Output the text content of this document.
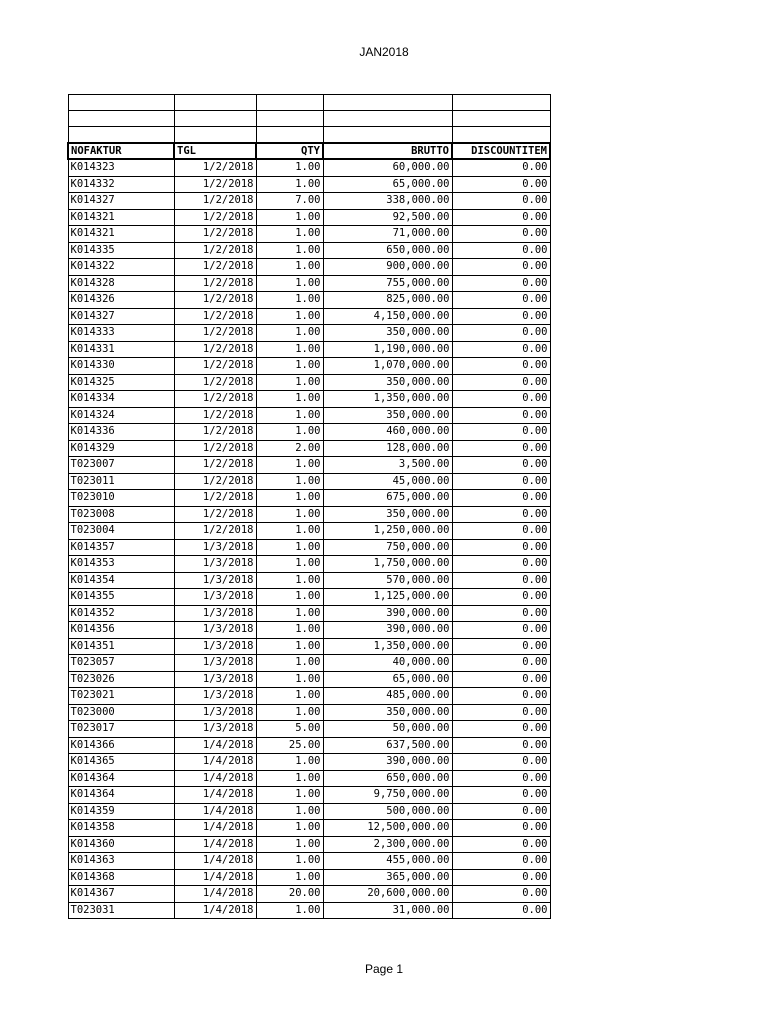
JAN2018

NOFAKTUR	TGL	QTY	BRUTTO	DISCOUNTITEM
K014323	1/2/2018	1.00	60,000.00	0.00
K014332	1/2/2018	1.00	65,000.00	0.00
K014327	1/2/2018	7.00	338,000.00	0.00
K014321	1/2/2018	1.00	92,500.00	0.00
K014321	1/2/2018	1.00	71,000.00	0.00
K014335	1/2/2018	1.00	650,000.00	0.00
K014322	1/2/2018	1.00	900,000.00	0.00
K014328	1/2/2018	1.00	755,000.00	0.00
K014326	1/2/2018	1.00	825,000.00	0.00
K014327	1/2/2018	1.00	4,150,000.00	0.00
K014333	1/2/2018	1.00	350,000.00	0.00
K014331	1/2/2018	1.00	1,190,000.00	0.00
K014330	1/2/2018	1.00	1,070,000.00	0.00
K014325	1/2/2018	1.00	350,000.00	0.00
K014334	1/2/2018	1.00	1,350,000.00	0.00
K014324	1/2/2018	1.00	350,000.00	0.00
K014336	1/2/2018	1.00	460,000.00	0.00
K014329	1/2/2018	2.00	128,000.00	0.00
T023007	1/2/2018	1.00	3,500.00	0.00
T023011	1/2/2018	1.00	45,000.00	0.00
T023010	1/2/2018	1.00	675,000.00	0.00
T023008	1/2/2018	1.00	350,000.00	0.00
T023004	1/2/2018	1.00	1,250,000.00	0.00
K014357	1/3/2018	1.00	750,000.00	0.00
K014353	1/3/2018	1.00	1,750,000.00	0.00
K014354	1/3/2018	1.00	570,000.00	0.00
K014355	1/3/2018	1.00	1,125,000.00	0.00
K014352	1/3/2018	1.00	390,000.00	0.00
K014356	1/3/2018	1.00	390,000.00	0.00
K014351	1/3/2018	1.00	1,350,000.00	0.00
T023057	1/3/2018	1.00	40,000.00	0.00
T023026	1/3/2018	1.00	65,000.00	0.00
T023021	1/3/2018	1.00	485,000.00	0.00
T023000	1/3/2018	1.00	350,000.00	0.00
T023017	1/3/2018	5.00	50,000.00	0.00
K014366	1/4/2018	25.00	637,500.00	0.00
K014365	1/4/2018	1.00	390,000.00	0.00
K014364	1/4/2018	1.00	650,000.00	0.00
K014364	1/4/2018	1.00	9,750,000.00	0.00
K014359	1/4/2018	1.00	500,000.00	0.00
K014358	1/4/2018	1.00	12,500,000.00	0.00
K014360	1/4/2018	1.00	2,300,000.00	0.00
K014363	1/4/2018	1.00	455,000.00	0.00
K014368	1/4/2018	1.00	365,000.00	0.00
K014367	1/4/2018	20.00	20,600,000.00	0.00
T023031	1/4/2018	1.00	31,000.00	0.00
Page 1
